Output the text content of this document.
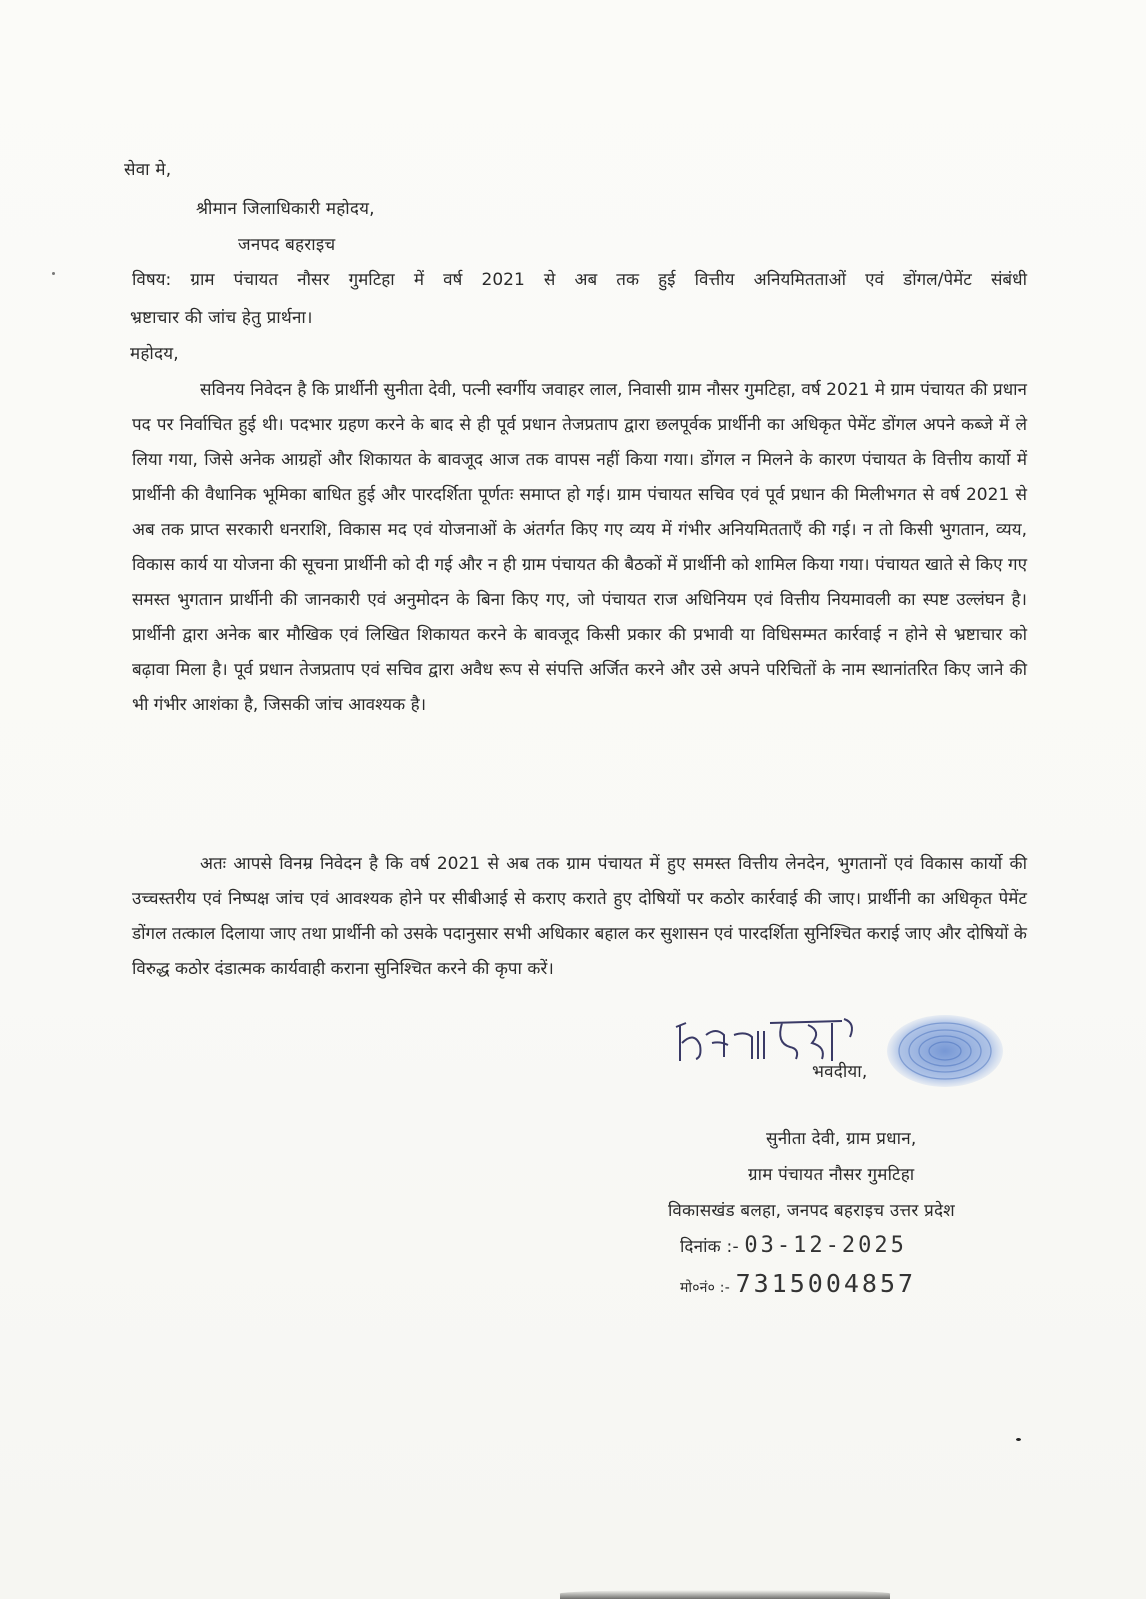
सेवा मे,
श्रीमान जिलाधिकारी महोदय,
जनपद बहराइच
विषय: ग्राम पंचायत नौसर गुमटिहा में वर्ष 2021 से अब तक हुई वित्तीय अनियमितताओं एवं डोंगल/पेमेंट संबंधी
भ्रष्टाचार की जांच हेतु प्रार्थना।
महोदय,
सविनय निवेदन है कि प्रार्थीनी सुनीता देवी, पत्नी स्वर्गीय जवाहर लाल, निवासी ग्राम नौसर गुमटिहा, वर्ष 2021 मे ग्राम पंचायत की प्रधान पद पर निर्वाचित हुई थी। पदभार ग्रहण करने के बाद से ही पूर्व प्रधान तेजप्रताप द्वारा छलपूर्वक प्रार्थीनी का अधिकृत पेमेंट डोंगल अपने कब्जे में ले लिया गया, जिसे अनेक आग्रहों और शिकायत के बावजूद आज तक वापस नहीं किया गया। डोंगल न मिलने के कारण पंचायत के वित्तीय कार्यो में प्रार्थीनी की वैधानिक भूमिका बाधित हुई और पारदर्शिता पूर्णतः समाप्त हो गई। ग्राम पंचायत सचिव एवं पूर्व प्रधान की मिलीभगत से वर्ष 2021 से अब तक प्राप्त सरकारी धनराशि, विकास मद एवं योजनाओं के अंतर्गत किए गए व्यय में गंभीर अनियमितताएँ की गई। न तो किसी भुगतान, व्यय, विकास कार्य या योजना की सूचना प्रार्थीनी को दी गई और न ही ग्राम पंचायत की बैठकों में प्रार्थीनी को शामिल किया गया। पंचायत खाते से किए गए समस्त भुगतान प्रार्थीनी की जानकारी एवं अनुमोदन के बिना किए गए, जो पंचायत राज अधिनियम एवं वित्तीय नियमावली का स्पष्ट उल्लंघन है। प्रार्थीनी द्वारा अनेक बार मौखिक एवं लिखित शिकायत करने के बावजूद किसी प्रकार की प्रभावी या विधिसम्मत कार्रवाई न होने से भ्रष्टाचार को बढ़ावा मिला है। पूर्व प्रधान तेजप्रताप एवं सचिव द्वारा अवैध रूप से संपत्ति अर्जित करने और उसे अपने परिचितों के नाम स्थानांतरित किए जाने की भी गंभीर आशंका है, जिसकी जांच आवश्यक है।
अतः आपसे विनम्र निवेदन है कि वर्ष 2021 से अब तक ग्राम पंचायत में हुए समस्त वित्तीय लेनदेन, भुगतानों एवं विकास कार्यो की उच्चस्तरीय एवं निष्पक्ष जांच एवं आवश्यक होने पर सीबीआई से कराए कराते हुए दोषियों पर कठोर कार्रवाई की जाए। प्रार्थीनी का अधिकृत पेमेंट डोंगल तत्काल दिलाया जाए तथा प्रार्थीनी को उसके पदानुसार सभी अधिकार बहाल कर सुशासन एवं पारदर्शिता सुनिश्चित कराई जाए और दोषियों के विरुद्ध कठोर दंडात्मक कार्यवाही कराना सुनिश्चित करने की कृपा करें।
भवदीया,
सुनीता देवी, ग्राम प्रधान,
ग्राम पंचायत नौसर गुमटिहा
विकासखंड बलहा, जनपद बहराइच उत्तर प्रदेश
दिनांक :- 03-12-2025
मो०नं० :- 7315004857
